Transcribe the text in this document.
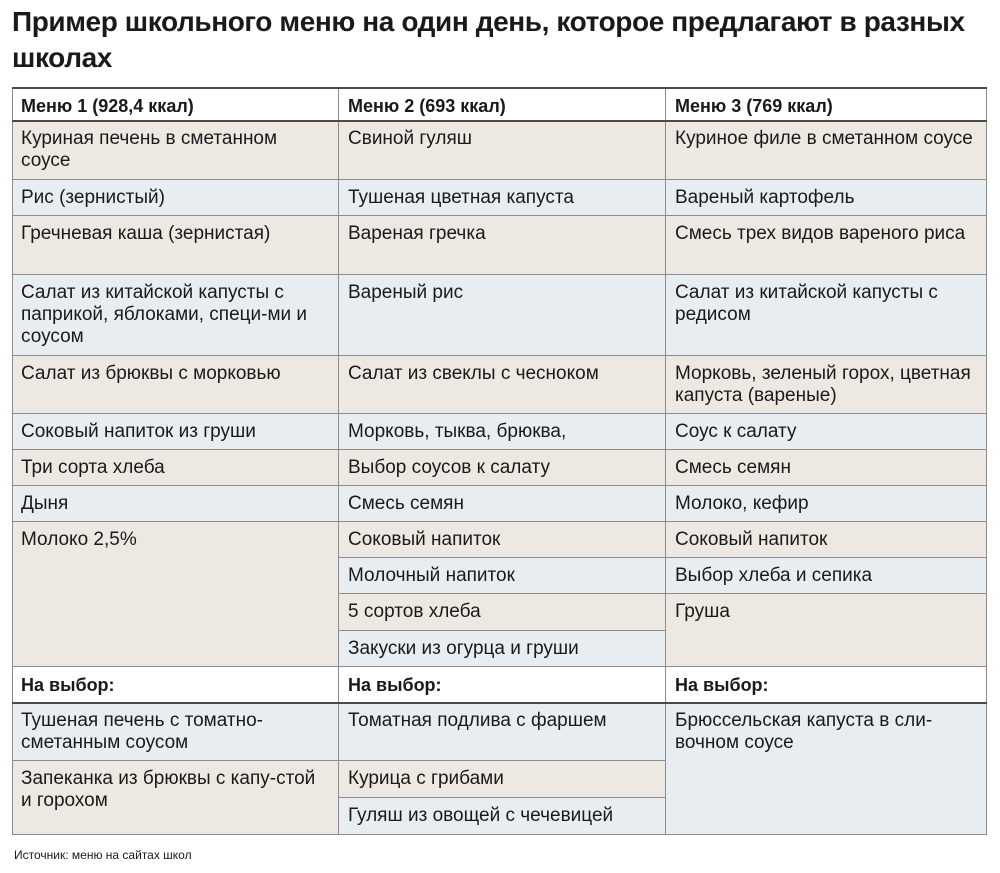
Пример школьного меню на один день, которое предлагают в разных школах
Меню 1 (928,4 ккал)	Меню 2 (693 ккал)	Меню 3 (769 ккал)
Куриная печень в сметанном соусе
Рис (зернистый)
Гречневая каша (зернистая)
Салат из китайской капусты с паприкой, яблоками, специ-ми и соусом
Салат из брюквы с морковью
Соковый напиток из груши
Три сорта хлеба
Дыня
Молоко 2,5%
На выбор:
Тушеная печень с томатно-сметанным соусом
Запеканка из брюквы с капу-стой и горохом
Свиной гуляш
Тушеная цветная капуста
Вареная гречка
Вареный рис
Салат из свеклы с чесноком
Морковь, тыква, брюква,
Выбор соусов к салату
Смесь семян
Соковый напиток
Молочный напиток
5 сортов хлеба
Закуски из огурца и груши
На выбор:
Томатная подлива с фаршем
Курица с грибами
Гуляш из овощей с чечевицей
Куриное филе в сметанном соусе
Вареный картофель
Смесь трех видов вареного риса
Салат из китайской капусты с редисом
Морковь, зеленый горох, цветная капуста (вареные)
Соус к салату
Смесь семян
Молоко, кефир
Соковый напиток
Выбор хлеба и сепика
Груша
На выбор:
Брюссельская капуста в сли-вочном соусе
Источник: меню на сайтах школ
